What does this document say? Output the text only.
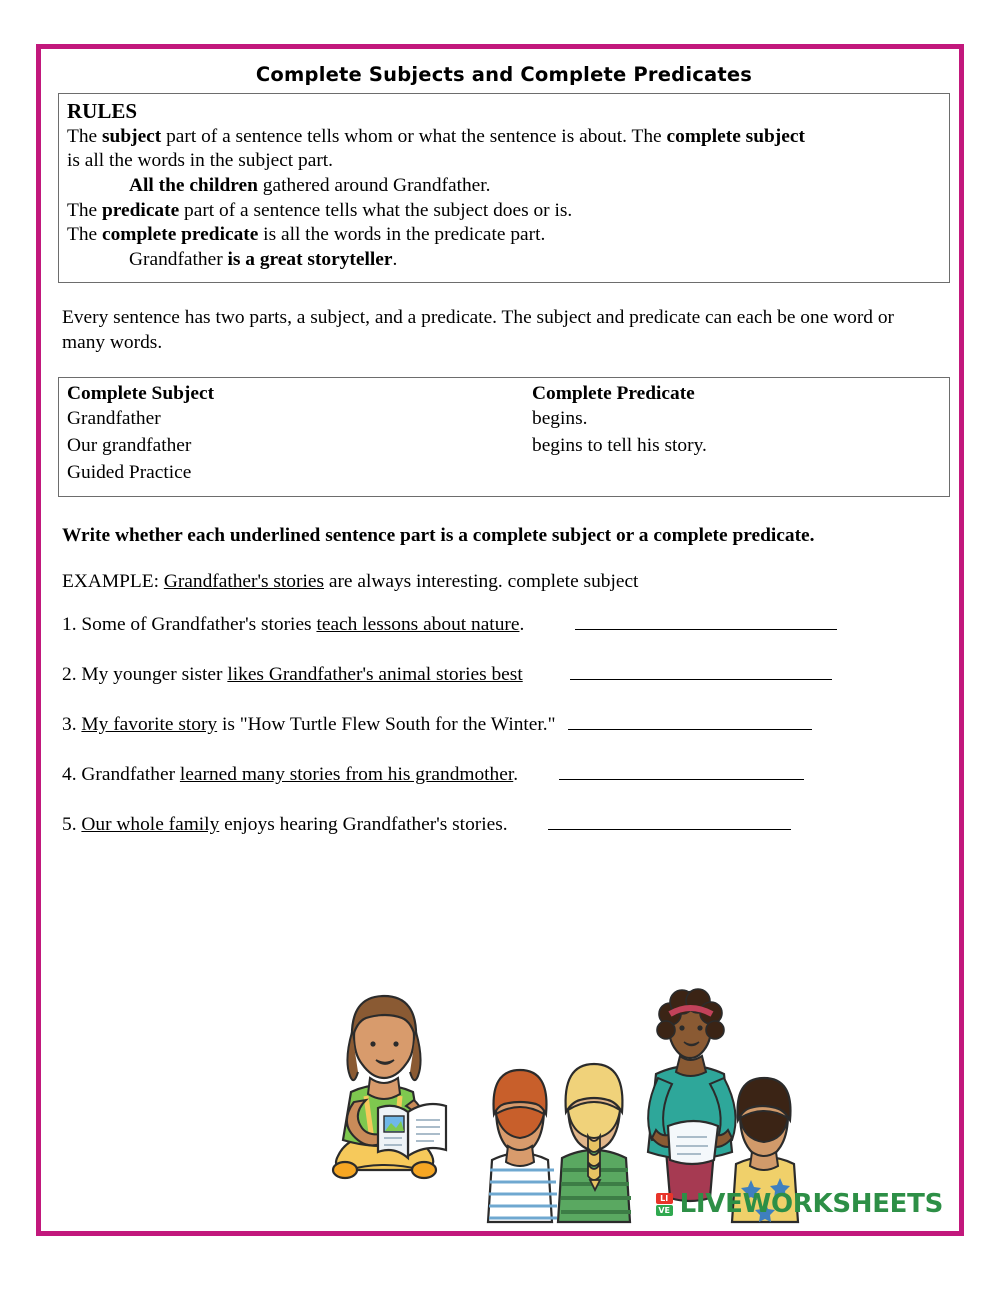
Complete Subjects and Complete Predicates
RULES
The subject part of a sentence tells whom or what the sentence is about. The complete subject
is all the words in the subject part.
All the children gathered around Grandfather.
The predicate part of a sentence tells what the subject does or is.
The complete predicate is all the words in the predicate part.
Grandfather is a great storyteller.
Every sentence has two parts, a subject, and a predicate. The subject and predicate can each be one word or many words.
Complete Subject	Complete Predicate
Grandfather	begins.
Our grandfather	begins to tell his story.
Guided Practice	
Write whether each underlined sentence part is a complete subject or a complete predicate.
EXAMPLE: Grandfather's stories are always interesting. complete subject
1. Some of Grandfather's stories teach lessons about nature.
2. My younger sister likes Grandfather's animal stories best
3. My favorite story is "How Turtle Flew South for the Winter."
4. Grandfather learned many stories from his grandmother.
5. Our whole family enjoys hearing Grandfather's stories.
LI
VE LIVEWORKSHEETS
